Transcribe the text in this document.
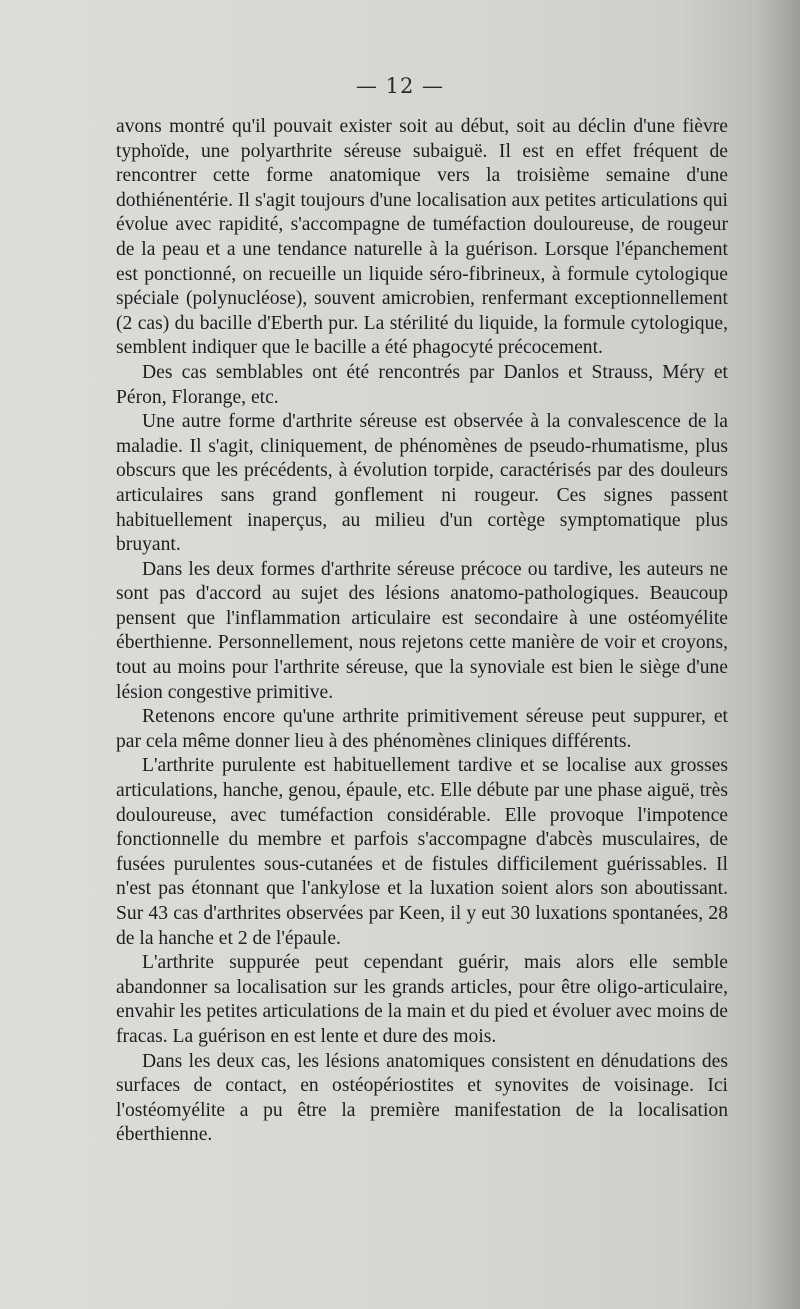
— 12 —

avons montré qu'il pouvait exister soit au début, soit au déclin d'une fièvre typhoïde, une polyarthrite séreuse subaiguë. Il est en effet fréquent de rencontrer cette forme anatomique vers la troisième semaine d'une dothiénentérie. Il s'agit toujours d'une localisation aux petites articulations qui évolue avec rapidité, s'accompagne de tuméfaction douloureuse, de rougeur de la peau et a une tendance naturelle à la guérison. Lorsque l'épanchement est ponctionné, on recueille un liquide séro-fibrineux, à formule cytologique spéciale (polynucléose), souvent amicrobien, renfermant exceptionnellement (2 cas) du bacille d'Eberth pur. La stérilité du liquide, la formule cytologique, semblent indiquer que le bacille a été phagocyté précocement.

Des cas semblables ont été rencontrés par Danlos et Strauss, Méry et Péron, Florange, etc.

Une autre forme d'arthrite séreuse est observée à la convalescence de la maladie. Il s'agit, cliniquement, de phénomènes de pseudo-rhumatisme, plus obscurs que les précédents, à évolution torpide, caractérisés par des douleurs articulaires sans grand gonflement ni rougeur. Ces signes passent habituellement inaperçus, au milieu d'un cortège symptomatique plus bruyant.

Dans les deux formes d'arthrite séreuse précoce ou tardive, les auteurs ne sont pas d'accord au sujet des lésions anatomo-pathologiques. Beaucoup pensent que l'inflammation articulaire est secondaire à une ostéomyélite éberthienne. Personnellement, nous rejetons cette manière de voir et croyons, tout au moins pour l'arthrite séreuse, que la synoviale est bien le siège d'une lésion congestive primitive.

Retenons encore qu'une arthrite primitivement séreuse peut suppurer, et par cela même donner lieu à des phénomènes cliniques différents.

L'arthrite purulente est habituellement tardive et se localise aux grosses articulations, hanche, genou, épaule, etc. Elle débute par une phase aiguë, très douloureuse, avec tuméfaction considérable. Elle provoque l'impotence fonctionnelle du membre et parfois s'accompagne d'abcès musculaires, de fusées purulentes sous-cutanées et de fistules difficilement guérissables. Il n'est pas étonnant que l'ankylose et la luxation soient alors son aboutissant. Sur 43 cas d'arthrites observées par Keen, il y eut 30 luxations spontanées, 28 de la hanche et 2 de l'épaule.

L'arthrite suppurée peut cependant guérir, mais alors elle semble abandonner sa localisation sur les grands articles, pour être oligo-articulaire, envahir les petites articulations de la main et du pied et évoluer avec moins de fracas. La guérison en est lente et dure des mois.

Dans les deux cas, les lésions anatomiques consistent en dénudations des surfaces de contact, en ostéopériostites et synovites de voisinage. Ici l'ostéomyélite a pu être la première manifestation de la localisation éberthienne.
